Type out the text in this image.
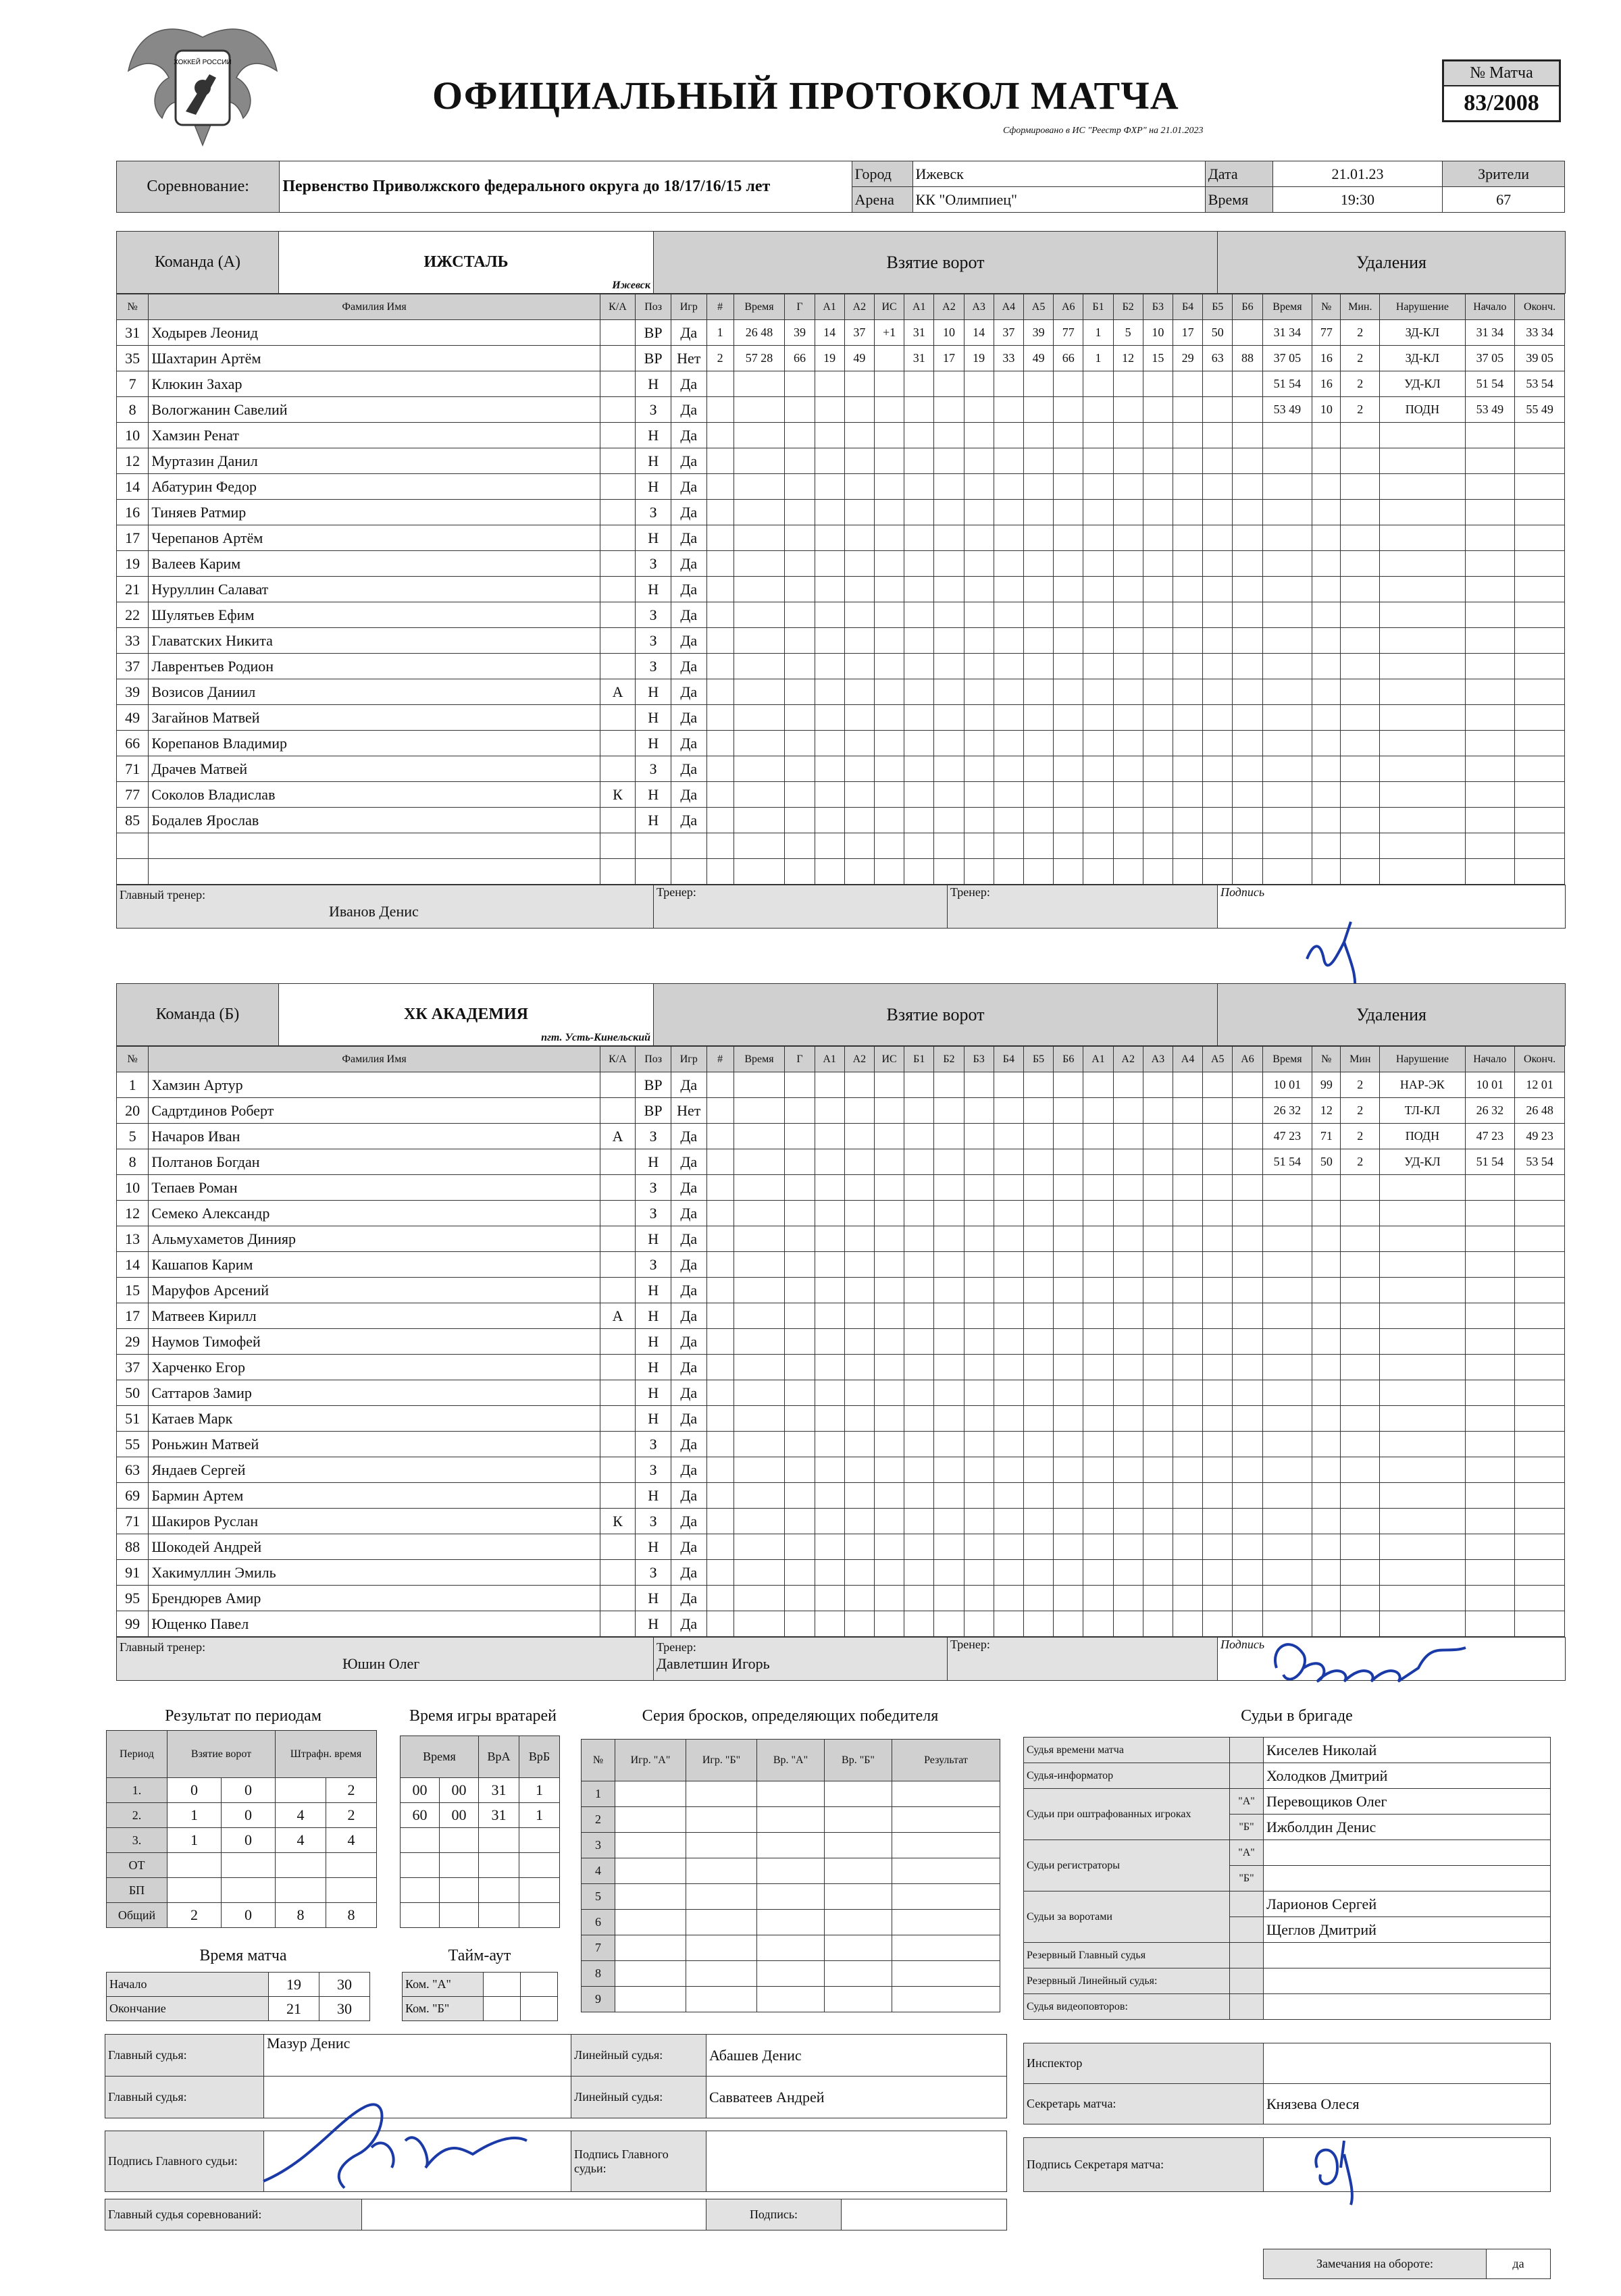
ХОККЕЙ РОССИИ
ОФИЦИАЛЬНЫЙ ПРОТОКОЛ МАТЧА
Сформировано в ИС "Реестр ФХР" на 21.01.2023
№ Матча
83/2008
Соревнование:	Первенство Приволжского федерального округа до 18/17/16/15 лет	Город	Ижевск	Дата	21.01.23	Зрители
		Арена	КК "Олимпиец"	Время	19:30	67
Команда (А)	ИЖСТАЛЬ
Ижевск
	Взятие ворот	Удаления
№	Фамилия Имя	К/А	Поз	Игр	#	Время	Г	А1	А2	ИС	А1	А2	А3	А4	А5	А6	Б1	Б2	Б3	Б4	Б5	Б6	Время	№	Мин.	Нарушение	Начало	Оконч.
31	Ходырев Леонид		ВР	Да	1	26 48	39	14	37	+1	31	10	14	37	39	77	1	5	10	17	50		31 34	77	2	ЗД-КЛ	31 34	33 34
35	Шахтарин Артём		ВР	Нет	2	57 28	66	19	49		31	17	19	33	49	66	1	12	15	29	63	88	37 05	16	2	ЗД-КЛ	37 05	39 05
7	Клюкин Захар		Н	Да																			51 54	16	2	УД-КЛ	51 54	53 54
8	Вологжанин Савелий		З	Да																			53 49	10	2	ПОДН	53 49	55 49
10	Хамзин Ренат		Н	Да																								
12	Муртазин Данил		Н	Да																								
14	Абатурин Федор		Н	Да																								
16	Тиняев Ратмир		З	Да																								
17	Черепанов Артём		Н	Да																								
19	Валеев Карим		З	Да																								
21	Нуруллин Салават		Н	Да																								
22	Шулятьев Ефим		З	Да																								
33	Главатских Никита		З	Да																								
37	Лаврентьев Родион		З	Да																								
39	Возисов Даниил	А	Н	Да																								
49	Загайнов Матвей		Н	Да																								
66	Корепанов Владимир		Н	Да																								
71	Драчев Матвей		З	Да																								
77	Соколов Владислав	К	Н	Да																								
85	Бодалев Ярослав		Н	Да																								

Главный тренер:
Иванов Денис	Тренер:	Тренер:	Подпись
Команда (Б)	ХК АКАДЕМИЯ
пгт. Усть-Кинельский
	Взятие ворот	Удаления
№	Фамилия Имя	К/А	Поз	Игр	#	Время	Г	А1	А2	ИС	Б1	Б2	Б3	Б4	Б5	Б6	А1	А2	А3	А4	А5	А6	Время	№	Мин	Нарушение	Начало	Оконч.
1	Хамзин Артур		ВР	Да																			10 01	99	2	НАР-ЭК	10 01	12 01
20	Садртдинов Роберт		ВР	Нет																			26 32	12	2	ТЛ-КЛ	26 32	26 48
5	Начаров Иван	А	З	Да																			47 23	71	2	ПОДН	47 23	49 23
8	Полтанов Богдан		Н	Да																			51 54	50	2	УД-КЛ	51 54	53 54
10	Тепаев Роман		З	Да																								
12	Семеко Александр		З	Да																								
13	Альмухаметов Динияр		Н	Да																								
14	Кашапов Карим		З	Да																								
15	Маруфов Арсений		Н	Да																								
17	Матвеев Кирилл	А	Н	Да																								
29	Наумов Тимофей		Н	Да																								
37	Харченко Егор		Н	Да																								
50	Саттаров Замир		Н	Да																								
51	Катаев Марк		Н	Да																								
55	Роньжин Матвей		З	Да																								
63	Яндаев Сергей		З	Да																								
69	Бармин Артем		Н	Да																								
71	Шакиров Руслан	К	З	Да																								
88	Шокодей Андрей		Н	Да																								
91	Хакимуллин Эмиль		З	Да																								
95	Брендюрев Амир		Н	Да																								
99	Ющенко Павел		Н	Да																								
Главный тренер:
Юшин Олег	Тренер:
Давлетшин Игорь	Тренер:	Подпись
Результат по периодам
Период	Взятие ворот		Штрафн. время	
1.	0	0		2
2.	1	0	4	2
3.	1	0	4	4
ОТ				
БП				
Общий	2	0	8	8
Время игры вратарей
Время		ВрА	ВрБ
00	00	31	1
60	00	31	1

Время матча
Начало	19	30
Окончание	21	30
Тайм-аут
Ком. "А"		
Ком. "Б"		
Серия бросков, определяющих победителя
№	Игр. "А"	Игр. "Б"	Вр. "А"	Вр. "Б"	Результат
1					
2					
3					
4					
5					
6					
7					
8					
9					
Судьи в бригаде
Судья времени матча		Киселев Николай
Судья-информатор		Холодков Дмитрий
Судьи при оштрафованных игроках	"А"	Перевощиков Олег
	"Б"	Ижболдин Денис
Судьи регистраторы	"А"	
	"Б"	
Судьи за воротами		Ларионов Сергей
		Щеглов Дмитрий
Резервный Главный судья		
Резервный Линейный судья:		
Судья видеоповторов:		
Главный судья:	Мазур Денис	Линейный судья:	Абашев Денис
Главный судья:		Линейный судья:	Савватеев Андрей
Подпись Главного судьи:		Подпись Главного судьи:	
Главный судья соревнований:		Подпись:	
Инспектор	
Секретарь матча:	Князева Олеся
Подпись Секретаря матча:	
Замечания на обороте:	да
